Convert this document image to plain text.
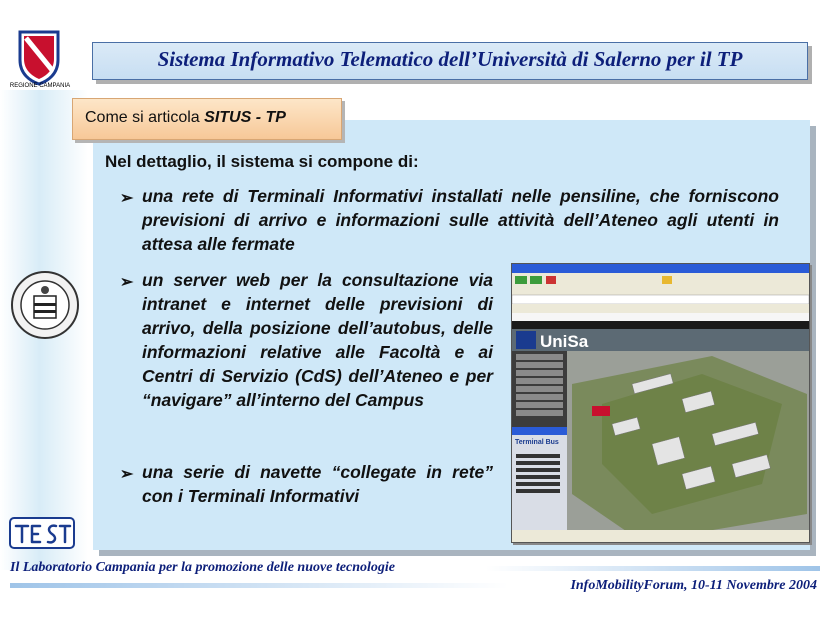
REGIONE CAMPANIA
Sistema Informativo Telematico dell’Università di Salerno per il TP
Come si articola SITUS - TP
Nel dettaglio, il sistema si compone di:
➢ una rete di Terminali Informativi installati nelle pensiline, che forniscono previsioni di arrivo e informazioni sulle attività dell’Ateneo agli utenti in attesa alle fermate
➢ un server web per la consultazione via intranet e internet delle previsioni di arrivo, della posizione dell’autobus, delle informazioni relative alle Facoltà e ai Centri di Servizio (CdS) dell’Ateneo e per “navigare” all’interno del Campus
➢ una serie di navette “collegate in rete” con i Terminali Informativi
UniSa
Terminal Bus
Il Laboratorio Campania per la promozione delle nuove tecnologie
InfoMobilityForum, 10-11 Novembre 2004
